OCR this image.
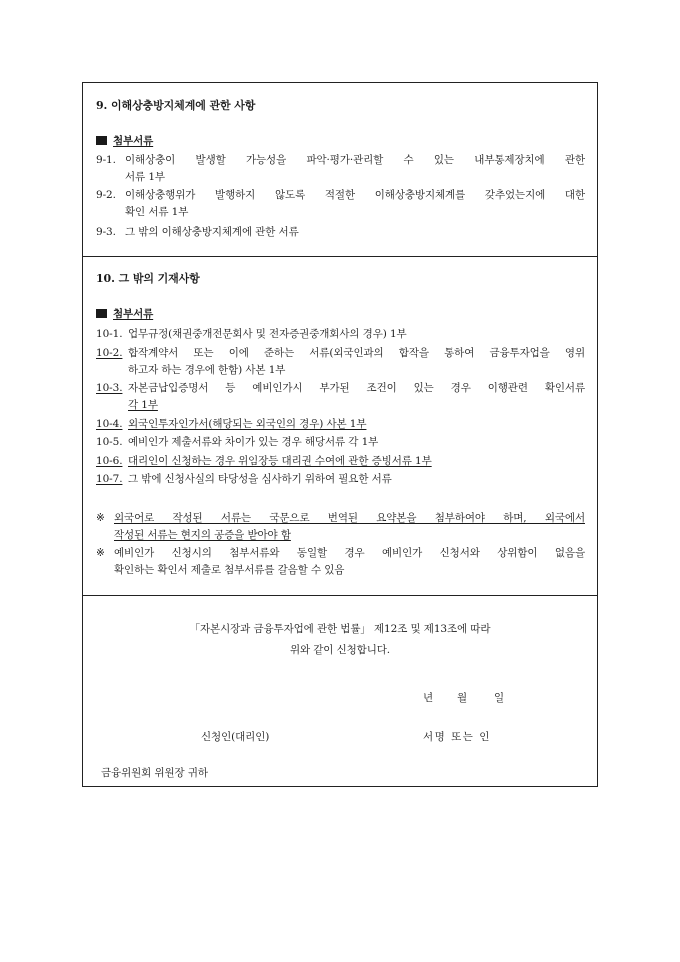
9. 이해상충방지체계에 관한 사항
첨부서류
9-1. 이해상충이 발생할 가능성을 파악·평가·관리할 수 있는 내부통제장치에 관한
서류 1부
9-2. 이해상충행위가 발행하지 않도록 적절한 이해상충방지체계를 갖추었는지에 대한
확인 서류 1부
9-3. 그 밖의 이해상충방지체계에 관한 서류
10. 그 밖의 기재사항
첨부서류
10-1. 업무규정(채권중개전문회사 및 전자증권중개회사의 경우) 1부
10-2. 합작계약서 또는 이에 준하는 서류(외국인과의 합작을 통하여 금융투자업을 영위
하고자 하는 경우에 한함) 사본 1부
10-3. 자본금납입증명서 등 예비인가시 부가된 조건이 있는 경우 이행관련 확인서류
각 1부
10-4. 외국인투자인가서(해당되는 외국인의 경우) 사본 1부
10-5. 예비인가 제출서류와 차이가 있는 경우 해당서류 각 1부
10-6. 대리인이 신청하는 경우 위임장등 대리권 수여에 관한 증빙서류 1부
10-7. 그 밖에 신청사실의 타당성을 심사하기 위하여 필요한 서류
※ 외국어로 작성된 서류는 국문으로 번역된 요약본을 첨부하여야 하며, 외국에서
작성된 서류는 현지의 공증을 받아야 함
※ 예비인가 신청시의 첨부서류와 동일할 경우 예비인가 신청서와 상위함이 없음을
확인하는 확인서 제출로 첨부서류를 갈음할 수 있음
「자본시장과 금융투자업에 관한 법률」 제12조 및 제13조에 따라
위와 같이 신청합니다.
년 월	일
신청인(대리인)	서명 또는 인
금융위원회 위원장 귀하
